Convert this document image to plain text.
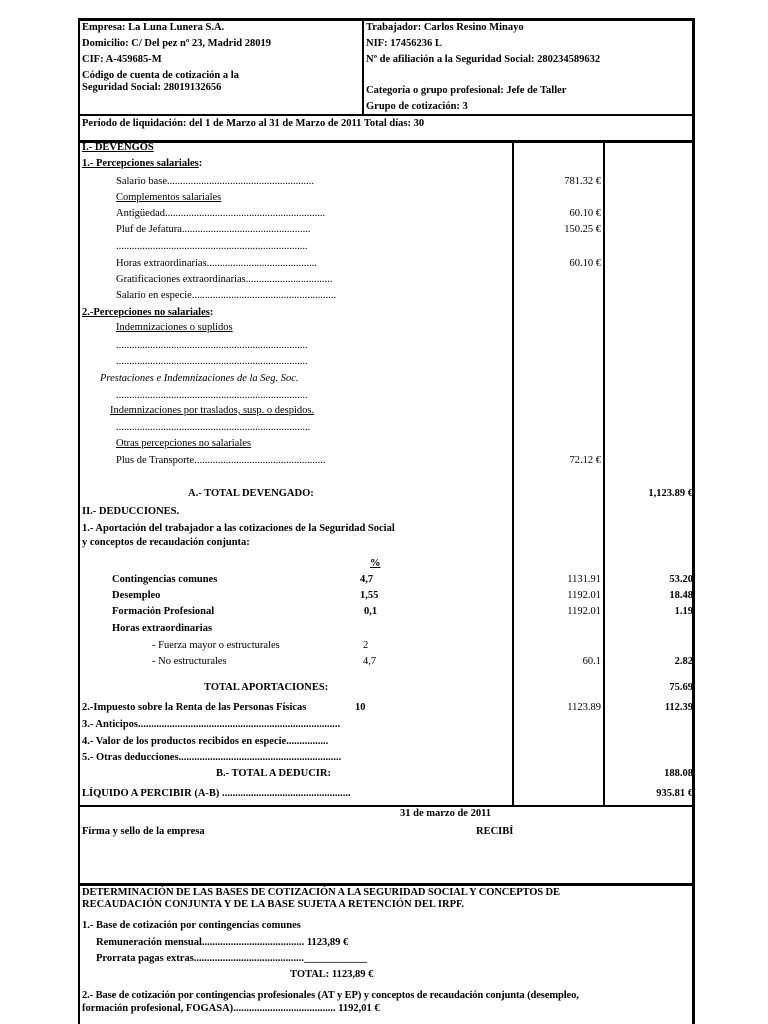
Empresa: La Luna Lunera S.A.
Domicilio: C/ Del pez nº 23, Madrid 28019
CIF: A-459685-M
Código de cuenta de cotización a la
Seguridad Social: 28019132656
Trabajador: Carlos Resino Minayo
NIF: 17456236 L
Nº de afiliación a la Seguridad Social: 280234589632
Categoría o grupo profesional: Jefe de Taller
Grupo de cotización: 3
Período de liquidación: del 1 de Marzo al 31 de Marzo de 2011 Total días: 30
I.- DEVENGOS
1.- Percepciones salariales:
Salario base........................................................	781.32 €
Complementos salariales
Antigüedad.............................................................	60.10 €
Pluf de Jefatura.................................................	150.25 €
.........................................................................
Horas extraordinarias..........................................	60.10 €
Gratificaciones extraordinarias.................................
Salario en especie.......................................................
2.-Percepciones no salariales:
Indemnizaciones o suplidos
.........................................................................
.........................................................................
Prestaciones e Indemnizaciones de la Seg. Soc.
.........................................................................
Indemnizaciones por traslados, susp. o despidos.
..........................................................................
Otras percepciones no salariales
Plus de Transporte..................................................	72.12 €
A.- TOTAL DEVENGADO:	1,123.89 €
II.- DEDUCCIONES.
1.- Aportación del trabajador a las cotizaciones de la Seguridad Social
y conceptos de recaudación conjunta:
%
Contingencias comunes	4,7	1131.91	53.20
Desempleo	1,55	1192.01	18.48
Formación Profesional	0,1	1192.01	1.19
Horas extraordinarias
- Fuerza mayor o estructurales	2
- No estructurales	4,7	60.1	2.82
TOTAL APORTACIONES:	75.69
2.-Impuesto sobre la Renta de las Personas Físicas	10	1123.89	112.39
3.- Anticipos.............................................................................
4.- Valor de los productos recibidos en especie................
5.- Otras deducciones..............................................................
B.- TOTAL A DEDUCIR:	188.08
LÍQUIDO A PERCIBIR (A-B) .................................................	935.81 €
31 de marzo de 2011
Firma y sello de la empresa	RECIBÍ
DETERMINACIÓN DE LAS BASES DE COTIZACIÓN A LA SEGURIDAD SOCIAL Y CONCEPTOS DE
RECAUDACIÓN CONJUNTA Y DE LA BASE SUJETA A RETENCIÓN DEL IRPF.
1.- Base de cotización por contingencias comunes
Remuneración mensual....................................... 1123,89 €
Prorrata pagas extras..........................................____________
TOTAL: 1123,89 €
2.- Base de cotización por contingencias profesionales (AT y EP) y conceptos de recaudación conjunta (desempleo,
formación profesional, FOGASA)....................................... 1192,01 €
